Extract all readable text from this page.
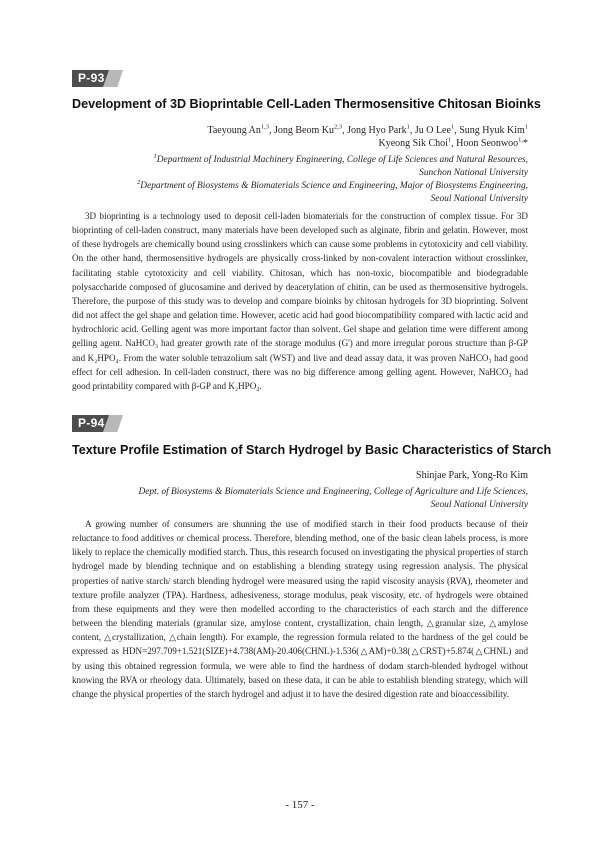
P-93
Development of 3D Bioprintable Cell-Laden Thermosensitive Chitosan Bioinks
Taeyoung An$^{1,3}$, Jong Beom Ku$^{2,3}$, Jong Hyo Park$^1$, Ju O Lee$^1$, Sung Hyuk Kim$^1$
Kyeong Sik Choi$^1$, Hoon Seonwoo$^{1,}$*
$^1$Department of Industrial Machinery Engineering, College of Life Sciences and Natural Resources,
Sunchon National University
$^2$Department of Biosystems & Biomaterials Science and Engineering, Major of Biosystems Engineering,
Seoul National University

3D bioprinting is a technology used to deposit cell-laden biomaterials for the construction of complex tissue. For 3D bioprinting of cell-laden construct, many materials have been developed such as alginate, fibrin and gelatin. However, most of these hydrogels are chemically bound using crosslinkers which can cause some problems in cytotoxicity and cell viability. On the other hand, thermosensitive hydrogels are physically cross-linked by non-covalent interaction without crosslinker, facilitating stable cytotoxicity and cell viability. Chitosan, which has non-toxic, biocompatible and biodegradable polysaccharide composed of glucosamine and derived by deacetylation of chitin, can be used as thermosensitive hydrogels. Therefore, the purpose of this study was to develop and compare bioinks by chitosan hydrogels for 3D bioprinting. Solvent did not affect the gel shape and gelation time. However, acetic acid had good biocompatibility compared with lactic acid and hydrochloric acid. Gelling agent was more important factor than solvent. Gel shape and gelation time were different among gelling agent. NaHCO₃ had greater growth rate of the storage modulus (G') and more irregular porous structure than β-GP and K₂HPO₄. From the water soluble tetrazolium salt (WST) and live and dead assay data, it was proven NaHCO₃ had good effect for cell adhesion. In cell-laden construct, there was no big difference among gelling agent. However, NaHCO₃ had good printability compared with β-GP and K₂HPO₄.

P-94
Texture Profile Estimation of Starch Hydrogel by Basic Characteristics of Starch
Shinjae Park, Yong-Ro Kim
Dept. of Biosystems & Biomaterials Science and Engineering, College of Agriculture and Life Sciences,
Seoul National University

A growing number of consumers are shunning the use of modified starch in their food products because of their reluctance to food additives or chemical process. Therefore, blending method, one of the basic clean labels process, is more likely to replace the chemically modified starch. Thus, this research focused on investigating the physical properties of starch hydrogel made by blending technique and on establishing a blending strategy using regression analysis. The physical properties of native starch/ starch blending hydrogel were measured using the rapid viscosity anaysis (RVA), rheometer and texture profile analyzer (TPA). Hardness, adhesiveness, storage modulus, peak viscosity, etc. of hydrogels were obtained from these equipments and they were then modelled according to the characteristics of each starch and the difference between the blending materials (granular size, amylose content, crystallization, chain length, △granular size, △amylose content, △crystallization, △chain length). For example, the regression formula related to the hardness of the gel could be expressed as HDN=297.709+1.521(SIZE)+4.738(AM)-20.406(CHNL)-1.536(△AM)+0.38(△CRST)+5.874(△CHNL) and by using this obtained regression formula, we were able to find the hardness of dodam starch-blended hydrogel without knowing the RVA or rheology data. Ultimately, based on these data, it can be able to establish blending strategy, which will change the physical properties of the starch hydrogel and adjust it to have the desired digestion rate and bioaccessibility.

- 157 -
